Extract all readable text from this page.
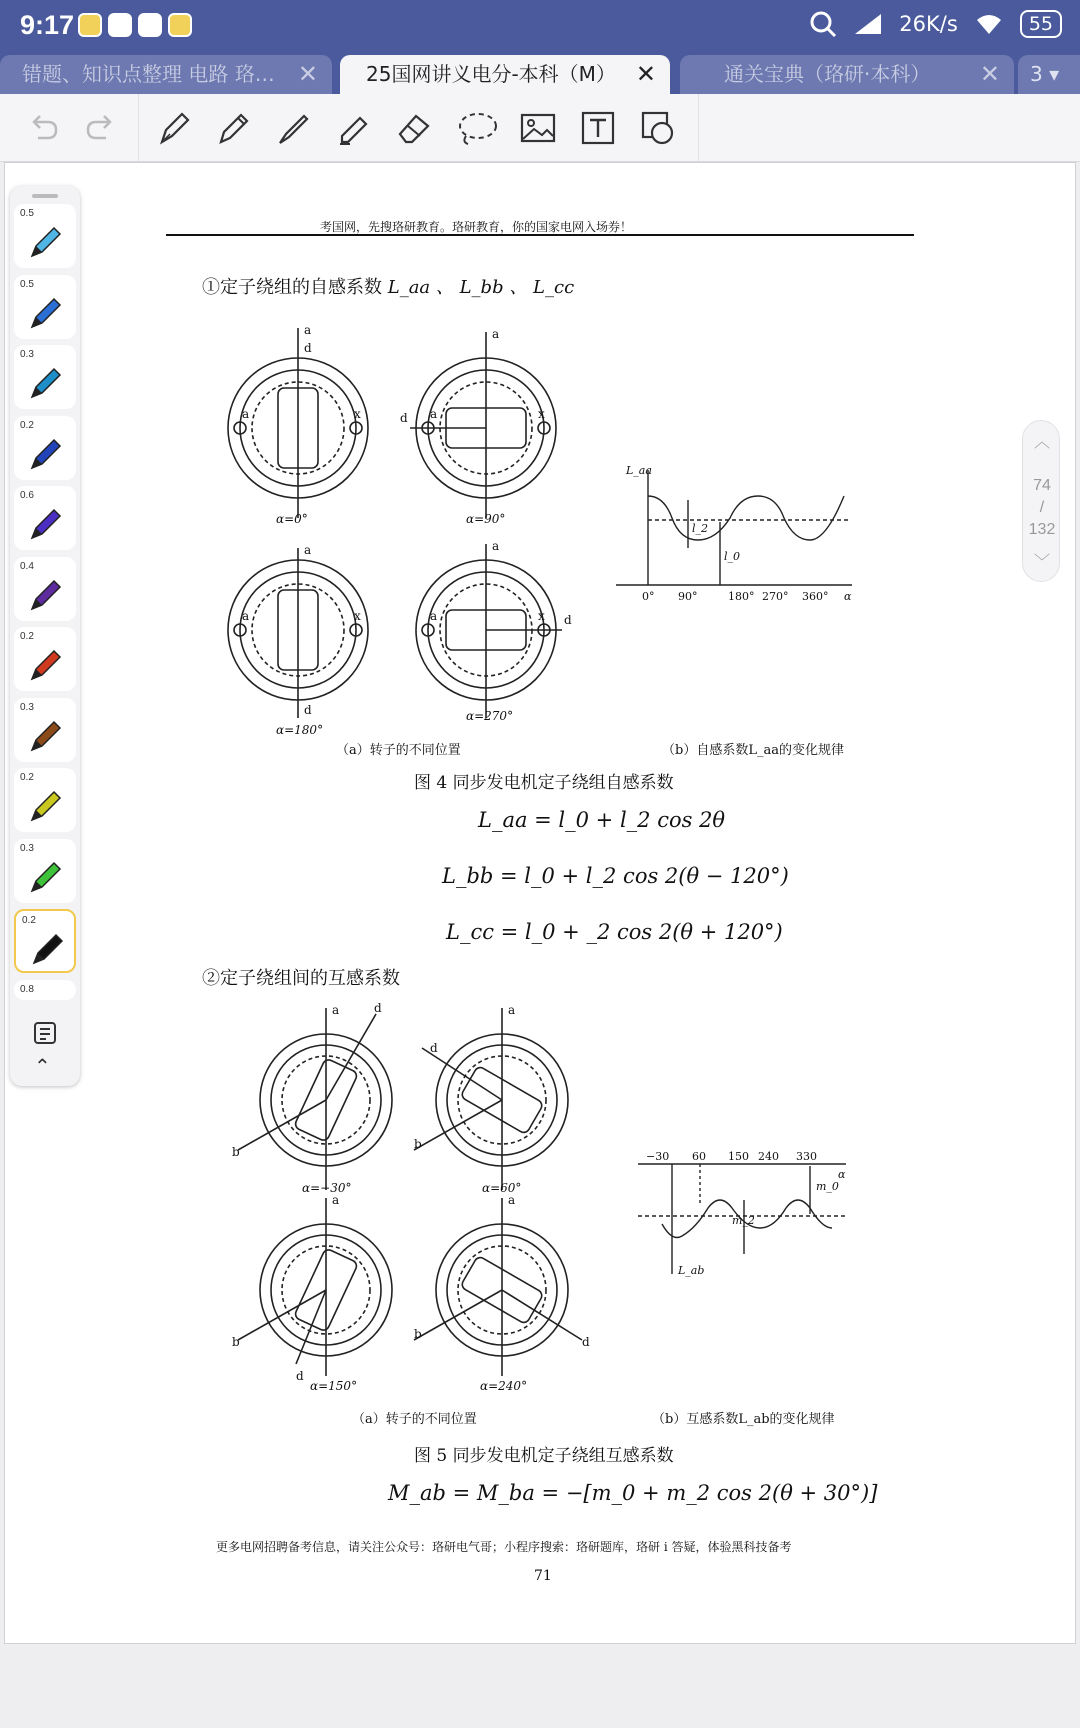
9:17	26K/s	55
错题、知识点整理 电路 珞… ✕	25国网讲义电分-本科（M） ✕	通关宝典（珞研·本科） ✕	3 ▾
考国网，先搜珞研教育。珞研教育，你的国家电网入场券！
①定子绕组的自感系数 L_aa 、 L_bb 、 L_cc
a
d
x
a
a
d	x
a
a
d
x
a
a
d
x
a
α=0°	α=90°
α=180°
α=270°
L_aa
l_2
l_0
0° 90°	180° 270° 360° α
（a）转子的不同位置	（b）自感系数L_aa的变化规律
图 4 同步发电机定子绕组自感系数
L_aa = l_0 + l_2 cos 2θ
L_bb = l_0 + l_2 cos 2(θ − 120°)
L_cc = l_0 + _2 cos 2(θ + 120°)
②定子绕组间的互感系数
a	d
b
a
d
b
a
d
b
a
d
b
α=−30°	α=60°
α=150°	α=240°
−30 60 150 240 330
α
m_0
m_2
L_ab
（a）转子的不同位置	（b）互感系数L_ab的变化规律
图 5 同步发电机定子绕组互感系数
M_ab = M_ba = −[m_0 + m_2 cos 2(θ + 30°)]
更多电网招聘备考信息，请关注公众号：珞研电气哥；小程序搜索：珞研题库，珞研 i 答疑，体验黑科技备考
71
0.5
0.5
0.3
0.2
0.6
0.4
0.2
0.3
0.2
0.3
0.2
0.8
⌃
︿
74
/
132
﹀
